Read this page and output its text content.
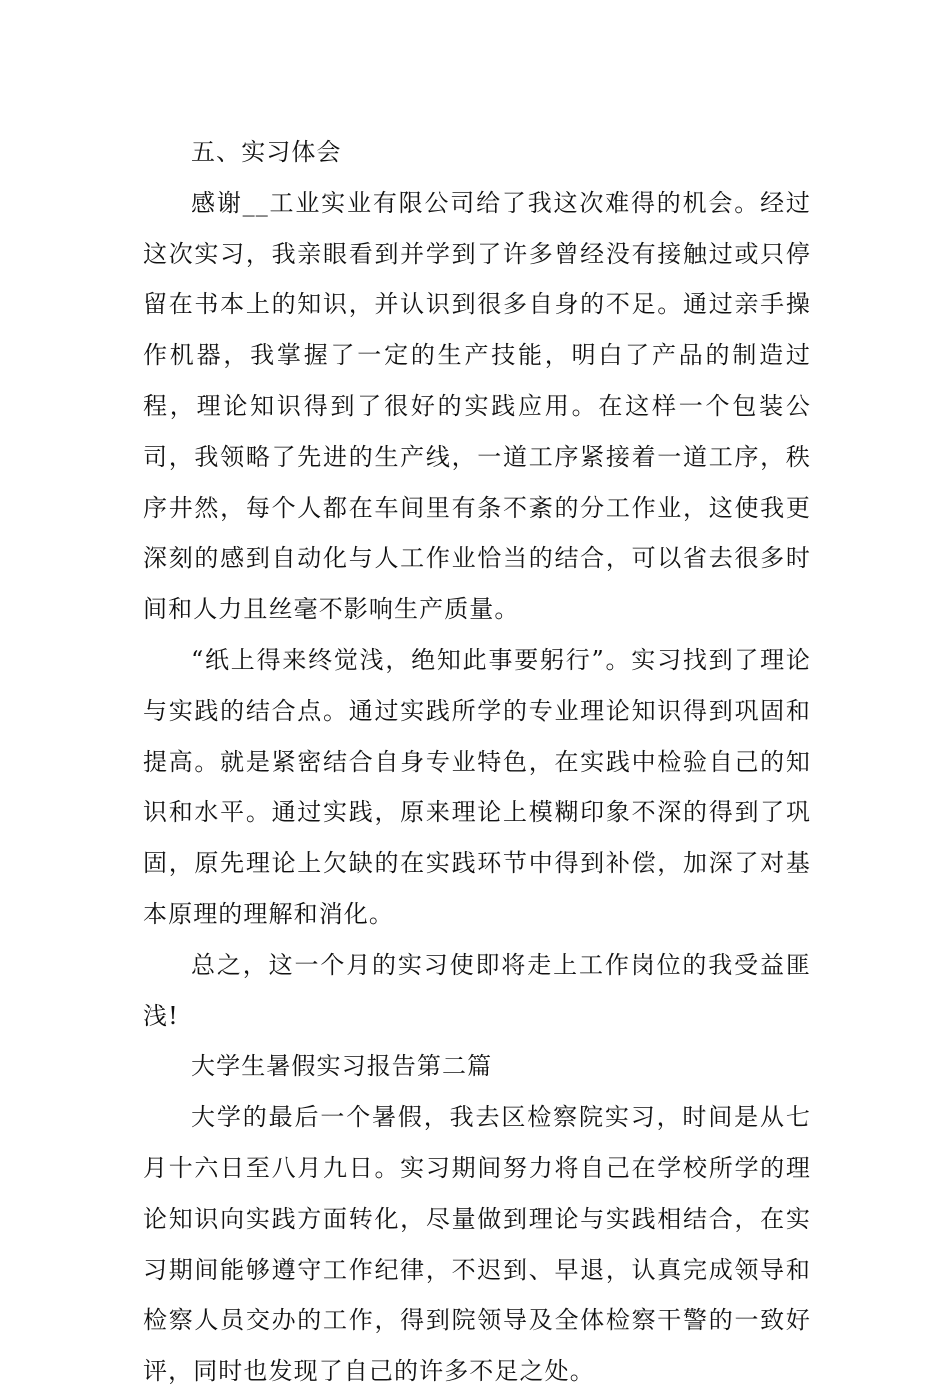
五、实习体会

感谢__工业实业有限公司给了我这次难得的机会。经过这次实习，我亲眼看到并学到了许多曾经没有接触过或只停留在书本上的知识，并认识到很多自身的不足。通过亲手操作机器，我掌握了一定的生产技能，明白了产品的制造过程，理论知识得到了很好的实践应用。在这样一个包装公司，我领略了先进的生产线，一道工序紧接着一道工序，秩序井然，每个人都在车间里有条不紊的分工作业，这使我更深刻的感到自动化与人工作业恰当的结合，可以省去很多时间和人力且丝毫不影响生产质量。

“纸上得来终觉浅，绝知此事要躬行”。实习找到了理论与实践的结合点。通过实践所学的专业理论知识得到巩固和提高。就是紧密结合自身专业特色，在实践中检验自己的知识和水平。通过实践，原来理论上模糊印象不深的得到了巩固，原先理论上欠缺的在实践环节中得到补偿，加深了对基本原理的理解和消化。

总之，这一个月的实习使即将走上工作岗位的我受益匪浅!

大学生暑假实习报告第二篇

大学的最后一个暑假，我去区检察院实习，时间是从七月十六日至八月九日。实习期间努力将自己在学校所学的理论知识向实践方面转化，尽量做到理论与实践相结合，在实习期间能够遵守工作纪律，不迟到、早退，认真完成领导和检察人员交办的工作，得到院领导及全体检察干警的一致好评，同时也发现了自己的许多不足之处。
